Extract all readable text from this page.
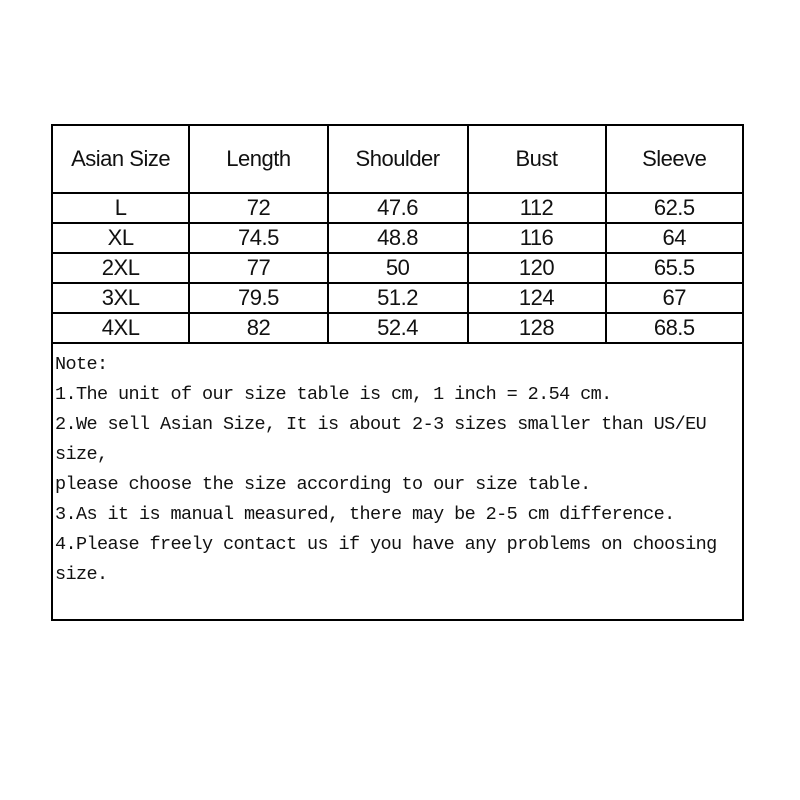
Asian Size	Length	Shoulder	Bust	Sleeve
L	72	47.6	112	62.5
XL	74.5	48.8	116	64
2XL	77	50	120	65.5
3XL	79.5	51.2	124	67
4XL	82	52.4	128	68.5
Note:
1.The unit of our size table is cm, 1 inch = 2.54 cm.
2.We sell Asian Size, It is about 2-3 sizes smaller than US/EU
size,
please choose the size according to our size table.
3.As it is manual measured, there may be 2-5 cm difference.
4.Please freely contact us if you have any problems on choosing
size.
